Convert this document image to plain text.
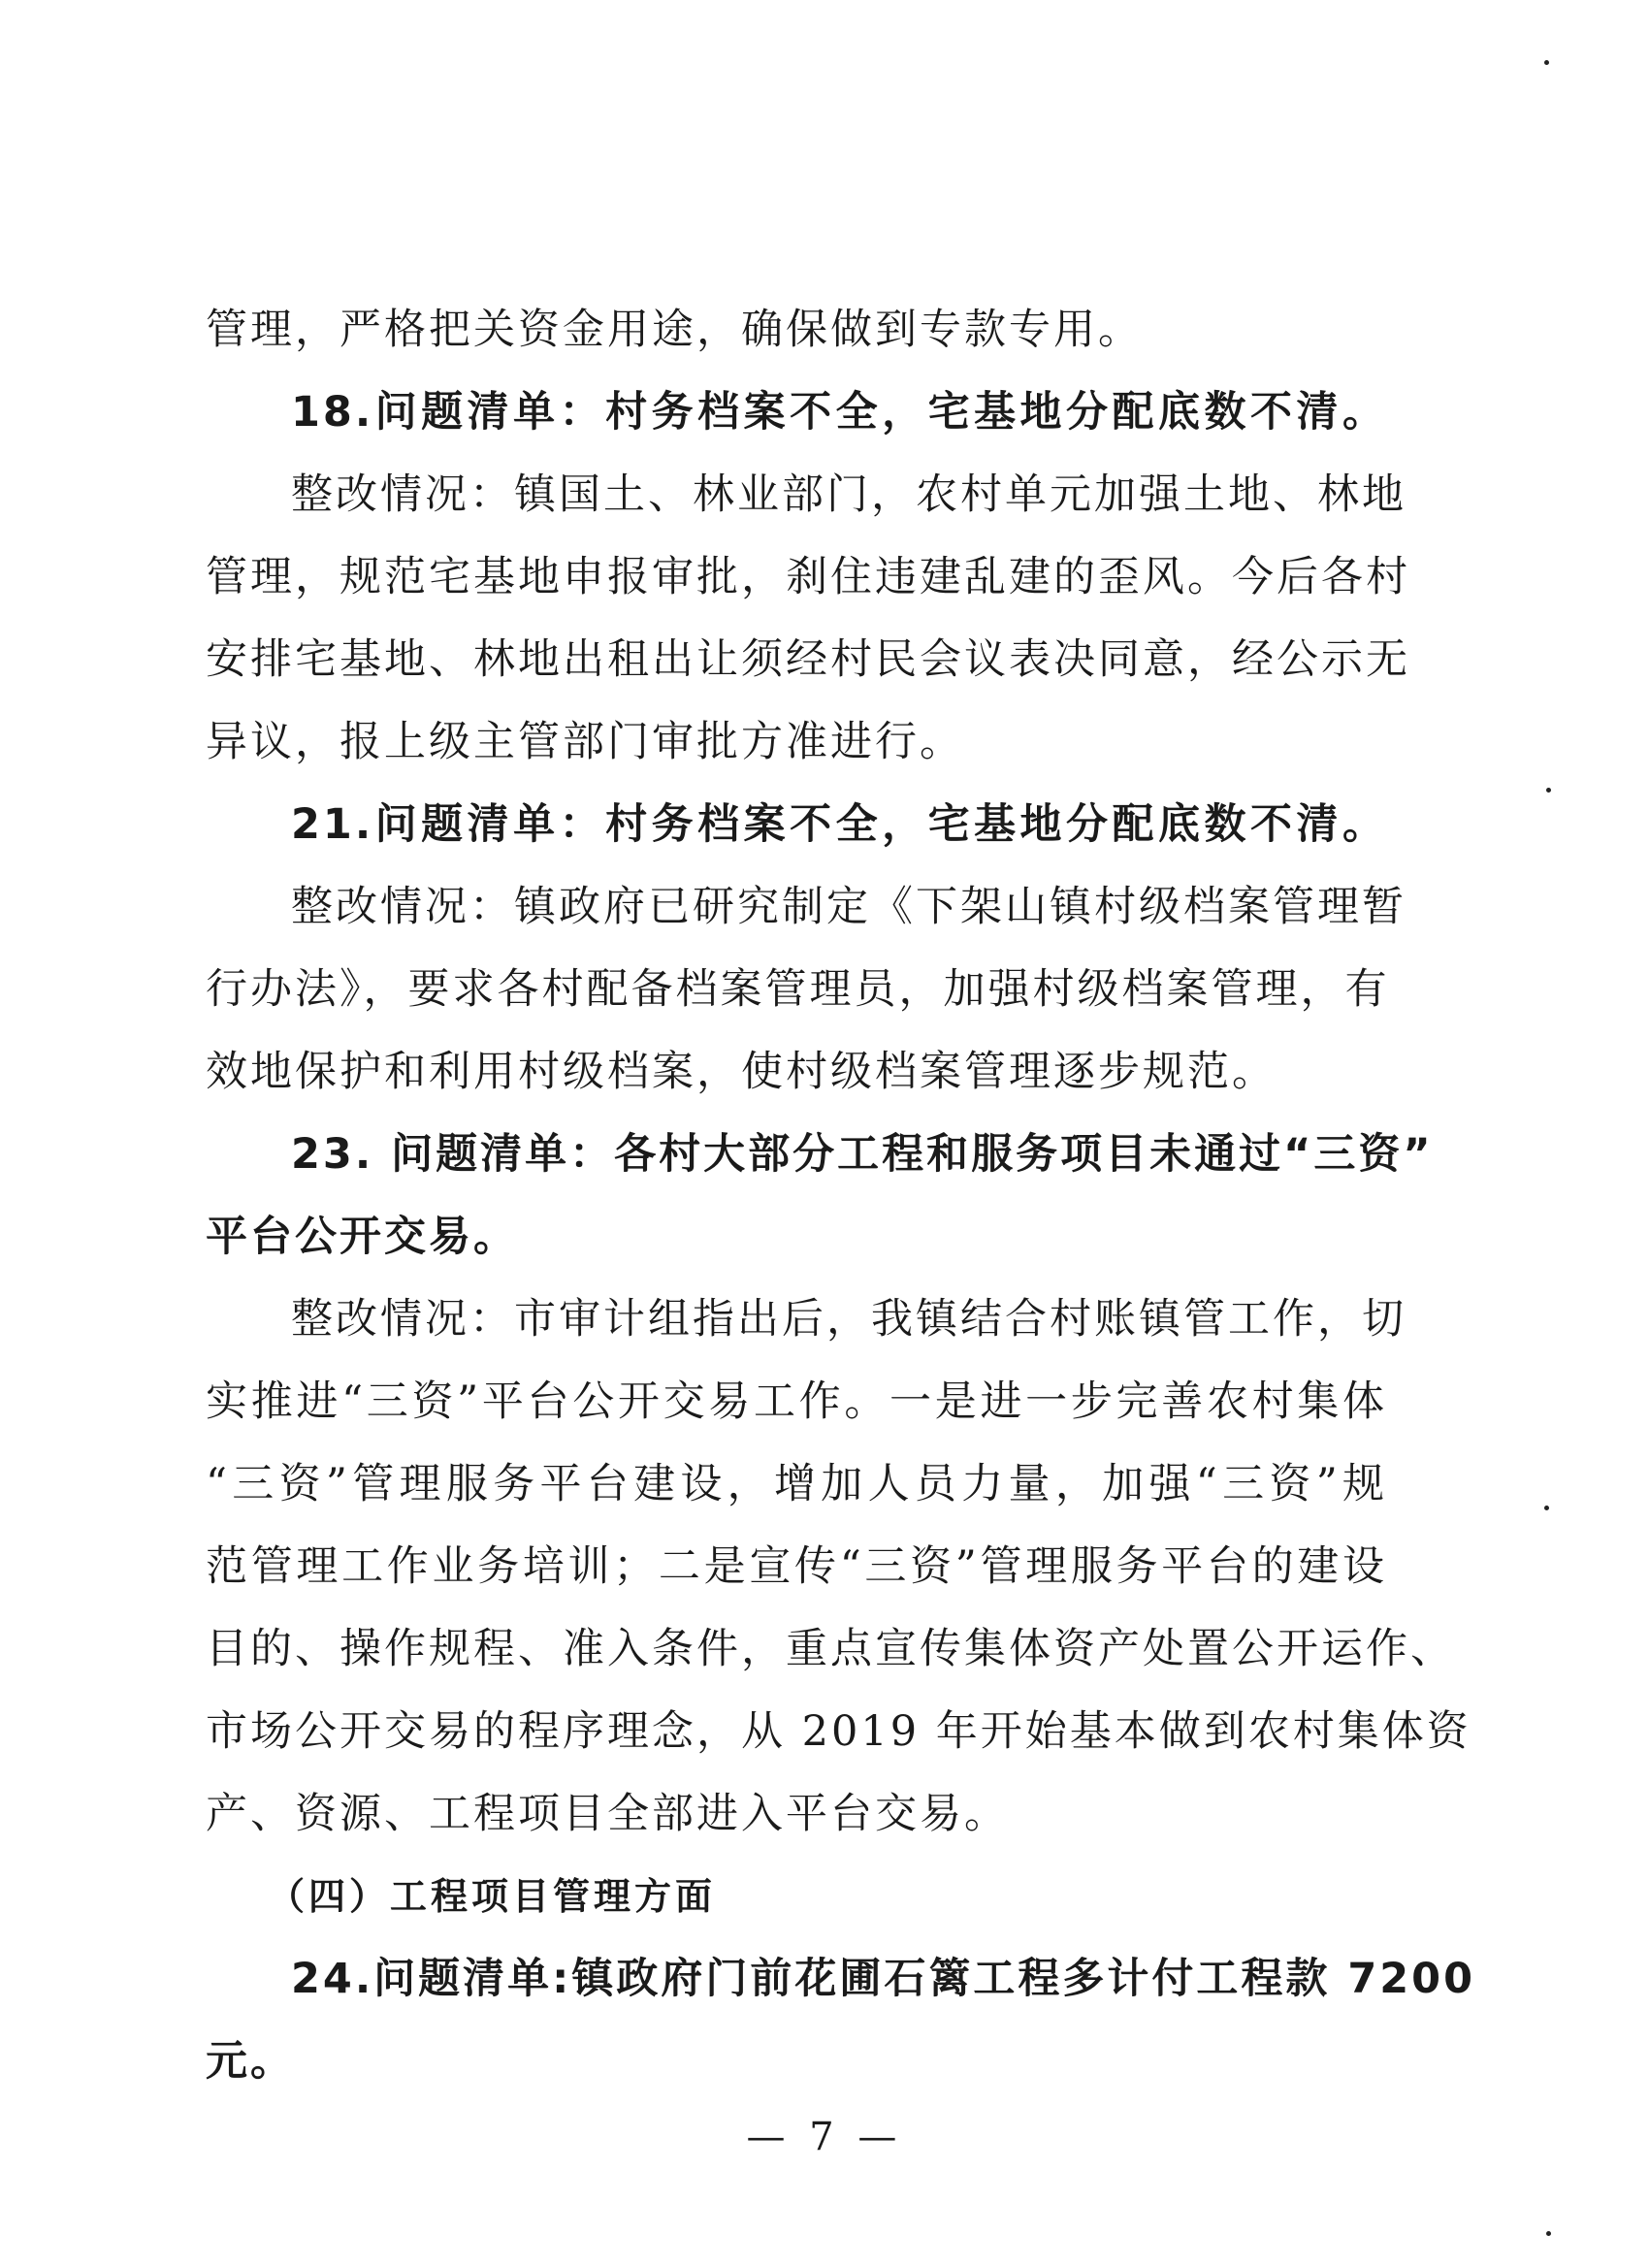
管理，严格把关资金用途，确保做到专款专用。
18.问题清单：村务档案不全，宅基地分配底数不清。
整改情况：镇国土、林业部门，农村单元加强土地、林地
管理，规范宅基地申报审批，刹住违建乱建的歪风。今后各村
安排宅基地、林地出租出让须经村民会议表决同意，经公示无
异议，报上级主管部门审批方准进行。
21.问题清单：村务档案不全，宅基地分配底数不清。
整改情况：镇政府已研究制定《下架山镇村级档案管理暂
行办法》，要求各村配备档案管理员，加强村级档案管理，有
效地保护和利用村级档案，使村级档案管理逐步规范。
23. 问题清单：各村大部分工程和服务项目未通过“三资”
平台公开交易。
整改情况：市审计组指出后，我镇结合村账镇管工作，切
实推进“三资”平台公开交易工作。一是进一步完善农村集体
“三资”管理服务平台建设，增加人员力量，加强“三资”规
范管理工作业务培训；二是宣传“三资”管理服务平台的建设
目的、操作规程、准入条件，重点宣传集体资产处置公开运作、
市场公开交易的程序理念，从 2019 年开始基本做到农村集体资
产、资源、工程项目全部进入平台交易。
（四）工程项目管理方面
24.问题清单:镇政府门前花圃石篱工程多计付工程款 7200
元。
— 7 —
